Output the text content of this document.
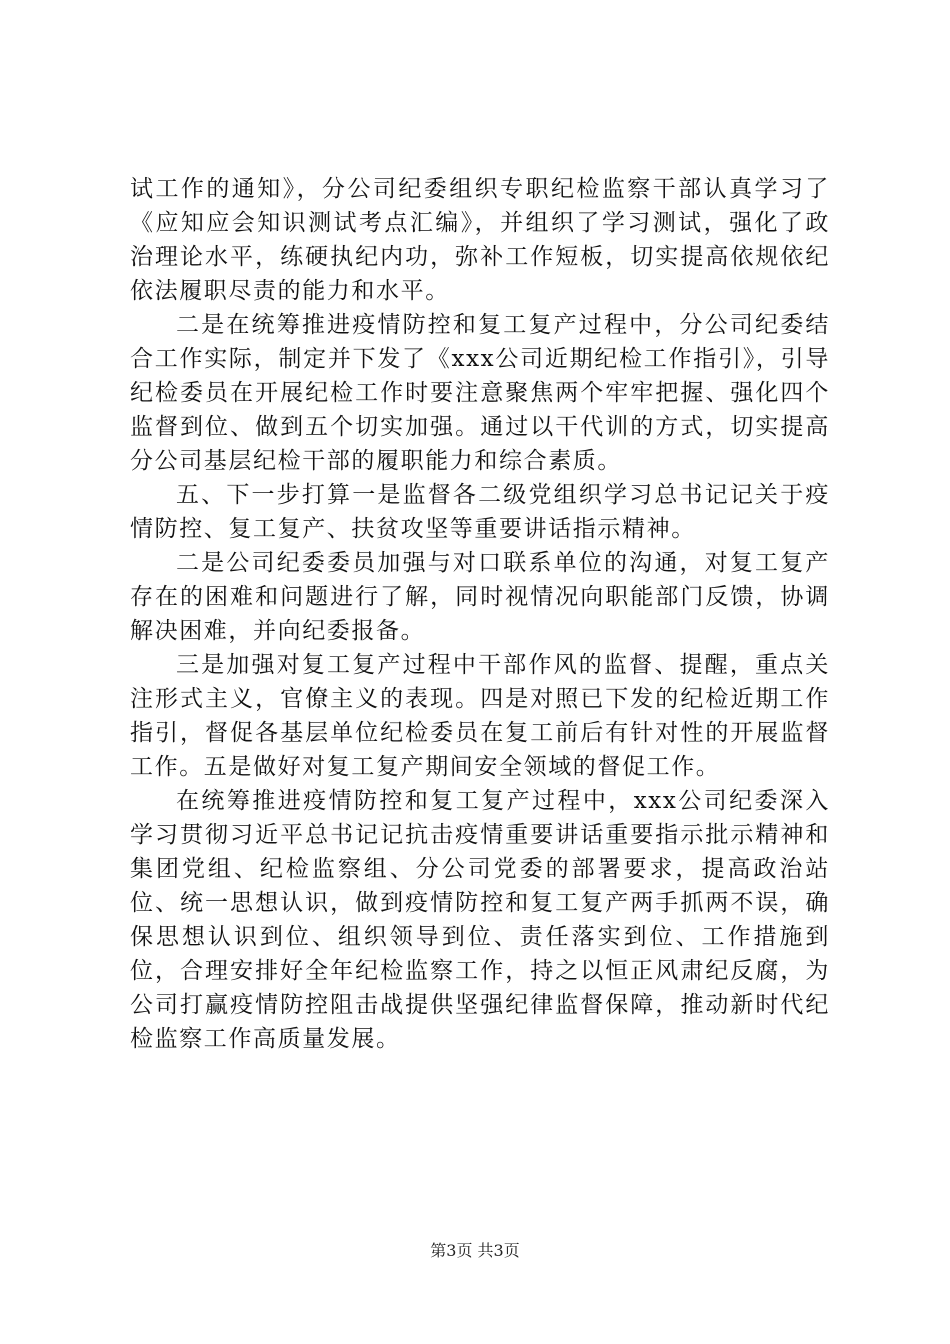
试工作的通知》，分公司纪委组织专职纪检监察干部认真学习了《应知应会知识测试考点汇编》，并组织了学习测试，强化了政治理论水平，练硬执纪内功，弥补工作短板，切实提高依规依纪依法履职尽责的能力和水平。

二是在统筹推进疫情防控和复工复产过程中，分公司纪委结合工作实际，制定并下发了《xxx公司近期纪检工作指引》，引导纪检委员在开展纪检工作时要注意聚焦两个牢牢把握、强化四个监督到位、做到五个切实加强。通过以干代训的方式，切实提高分公司基层纪检干部的履职能力和综合素质。

五、下一步打算一是监督各二级党组织学习总书记记关于疫情防控、复工复产、扶贫攻坚等重要讲话指示精神。

二是公司纪委委员加强与对口联系单位的沟通，对复工复产存在的困难和问题进行了解，同时视情况向职能部门反馈，协调解决困难，并向纪委报备。

三是加强对复工复产过程中干部作风的监督、提醒，重点关注形式主义，官僚主义的表现。四是对照已下发的纪检近期工作指引，督促各基层单位纪检委员在复工前后有针对性的开展监督工作。五是做好对复工复产期间安全领域的督促工作。

在统筹推进疫情防控和复工复产过程中，xxx公司纪委深入学习贯彻习近平总书记记抗击疫情重要讲话重要指示批示精神和集团党组、纪检监察组、分公司党委的部署要求，提高政治站位、统一思想认识，做到疫情防控和复工复产两手抓两不误，确保思想认识到位、组织领导到位、责任落实到位、工作措施到位，合理安排好全年纪检监察工作，持之以恒正风肃纪反腐，为公司打赢疫情防控阻击战提供坚强纪律监督保障，推动新时代纪检监察工作高质量发展。

第3页 共3页
